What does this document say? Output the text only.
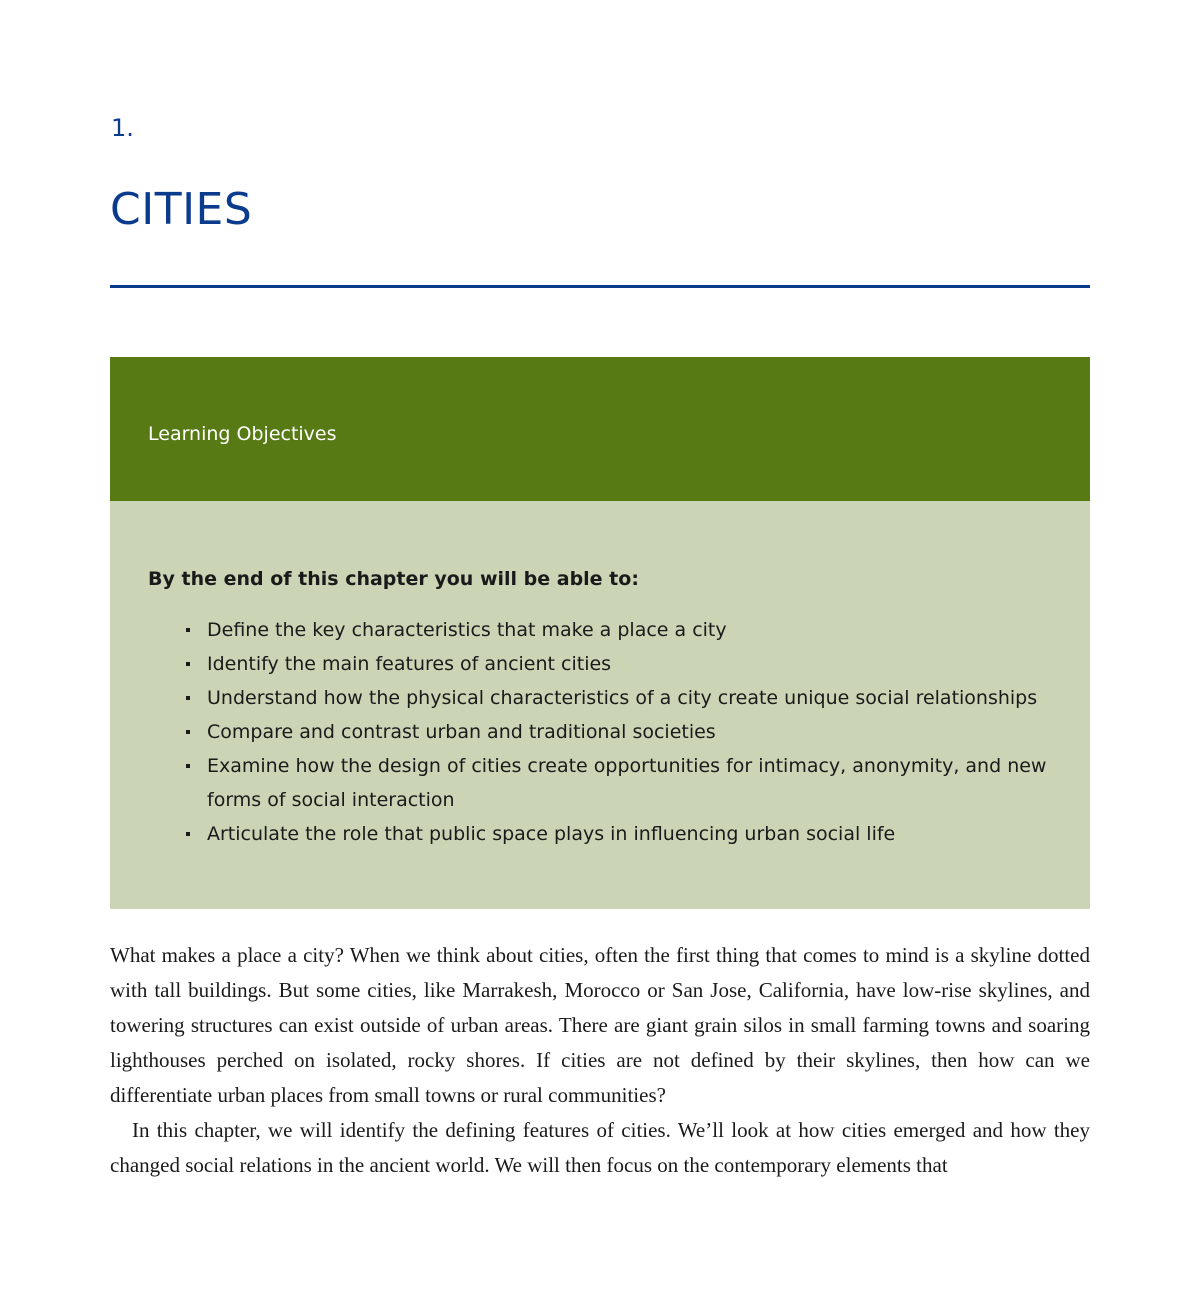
1.
CITIES
Learning Objectives

By the end of this chapter you will be able to:

Define the key characteristics that make a place a city
Identify the main features of ancient cities
Understand how the physical characteristics of a city create unique social relationships
Compare and contrast urban and traditional societies
Examine how the design of cities create opportunities for intimacy, anonymity, and new forms of social interaction
Articulate the role that public space plays in influencing urban social life

What makes a place a city? When we think about cities, often the first thing that comes to mind is a skyline dotted with tall buildings. But some cities, like Marrakesh, Morocco or San Jose, California, have low-rise skylines, and towering structures can exist outside of urban areas. There are giant grain silos in small farming towns and soaring lighthouses perched on isolated, rocky shores. If cities are not defined by their skylines, then how can we differentiate urban places from small towns or rural communities?

In this chapter, we will identify the defining features of cities. We’ll look at how cities emerged and how they changed social relations in the ancient world. We will then focus on the contemporary elements that
